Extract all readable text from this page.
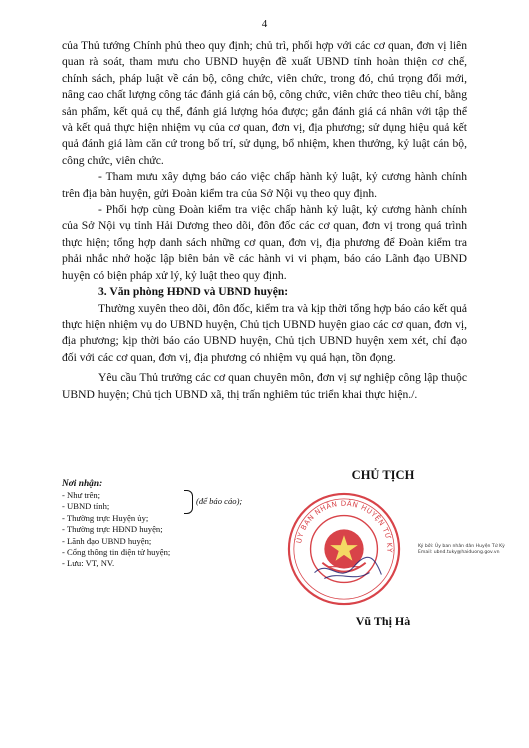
4

của Thủ tướng Chính phủ theo quy định; chủ trì, phối hợp với các cơ quan, đơn vị liên quan rà soát, tham mưu cho UBND huyện đề xuất UBND tỉnh hoàn thiện cơ chế, chính sách, pháp luật về cán bộ, công chức, viên chức, trong đó, chú trọng đổi mới, nâng cao chất lượng công tác đánh giá cán bộ, công chức, viên chức theo tiêu chí, bằng sản phẩm, kết quả cụ thể, đánh giá lượng hóa được; gắn đánh giá cá nhân với tập thể và kết quả thực hiện nhiệm vụ của cơ quan, đơn vị, địa phương; sử dụng hiệu quả kết quả đánh giá làm căn cứ trong bố trí, sử dụng, bổ nhiệm, khen thưởng, kỷ luật cán bộ, công chức, viên chức.

- Tham mưu xây dựng báo cáo việc chấp hành kỷ luật, kỷ cương hành chính trên địa bàn huyện, gửi Đoàn kiểm tra của Sở Nội vụ theo quy định.

- Phối hợp cùng Đoàn kiểm tra việc chấp hành kỷ luật, kỷ cương hành chính của Sở Nội vụ tỉnh Hải Dương theo dõi, đôn đốc các cơ quan, đơn vị trong quá trình thực hiện; tổng hợp danh sách những cơ quan, đơn vị, địa phương để Đoàn kiểm tra phải nhắc nhở hoặc lập biên bản về các hành vi vi phạm, báo cáo Lãnh đạo UBND huyện có biện pháp xử lý, kỷ luật theo quy định.

3. Văn phòng HĐND và UBND huyện:

Thường xuyên theo dõi, đôn đốc, kiểm tra và kịp thời tổng hợp báo cáo kết quả thực hiện nhiệm vụ do UBND huyện, Chủ tịch UBND huyện giao các cơ quan, đơn vị, địa phương; kịp thời báo cáo UBND huyện, Chủ tịch UBND huyện xem xét, chỉ đạo đối với các cơ quan, đơn vị, địa phương có nhiệm vụ quá hạn, tồn đọng.

Yêu cầu Thủ trưởng các cơ quan chuyên môn, đơn vị sự nghiệp công lập thuộc UBND huyện; Chủ tịch UBND xã, thị trấn nghiêm túc triển khai thực hiện./.

Nơi nhận:
- Như trên;
- UBND tỉnh;
- Thường trực Huyện ủy;
- Thường trực HĐND huyện;
- Lãnh đạo UBND huyện;
- Cổng thông tin điện tử huyện;
- Lưu: VT, NV.
(để báo cáo);
CHỦ TỊCH
ỦY BAN NHÂN DÂN HUYỆN TỨ KỲ
Ký bởi: Ủy ban nhân dân Huyện Tứ Kỳ
Email: ubnd.tuky@haiduong.gov.vn
Vũ Thị Hà
